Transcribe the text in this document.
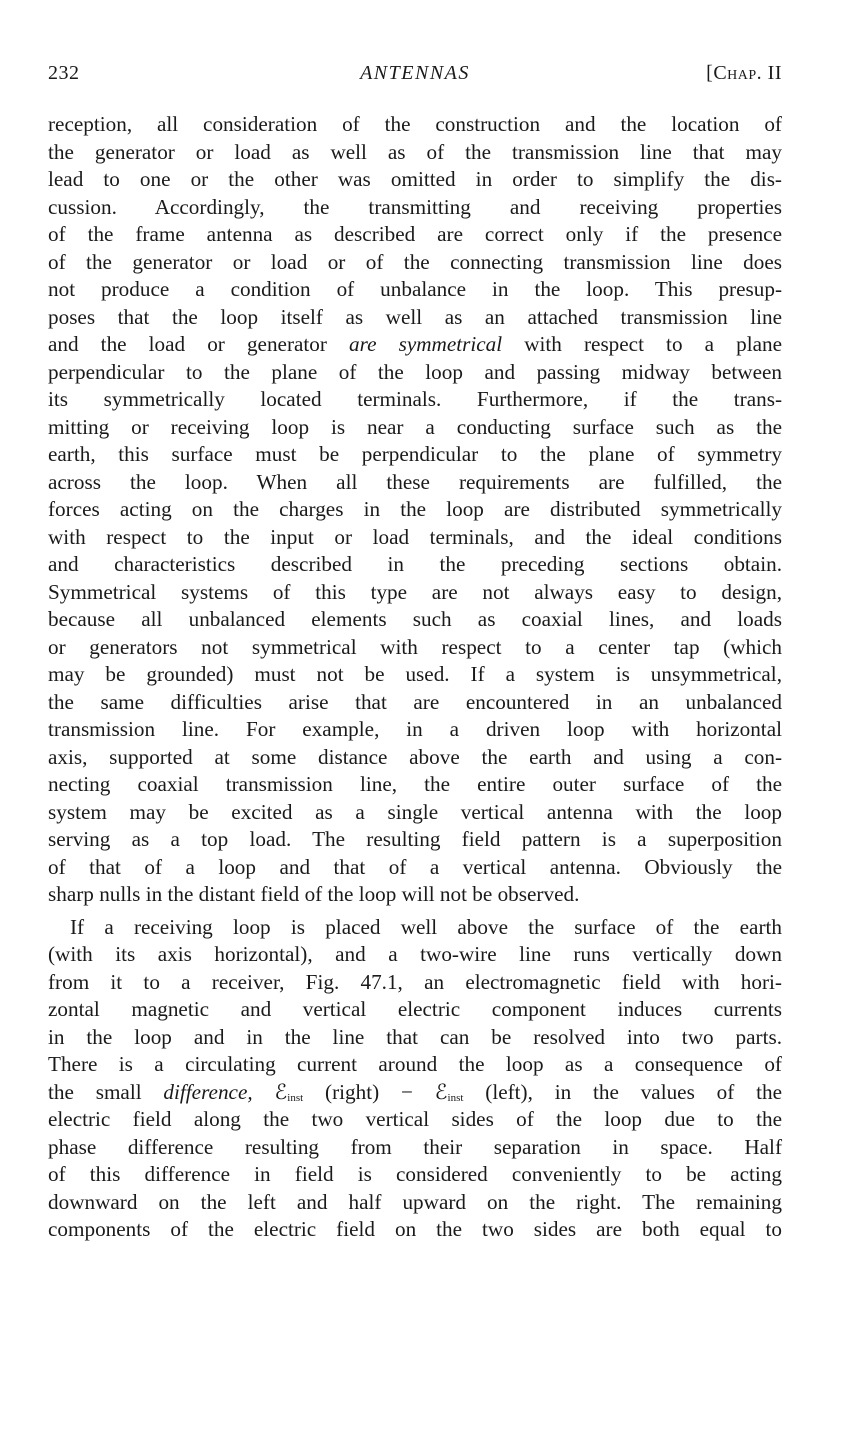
232	ANTENNAS	[Chap. II
reception, all consideration of the construction and the location of
the generator or load as well as of the transmission line that may
lead to one or the other was omitted in order to simplify the dis-
cussion. Accordingly, the transmitting and receiving properties
of the frame antenna as described are correct only if the presence
of the generator or load or of the connecting transmission line does
not produce a condition of unbalance in the loop. This presup-
poses that the loop itself as well as an attached transmission line
and the load or generator are symmetrical with respect to a plane
perpendicular to the plane of the loop and passing midway between
its symmetrically located terminals. Furthermore, if the trans-
mitting or receiving loop is near a conducting surface such as the
earth, this surface must be perpendicular to the plane of symmetry
across the loop. When all these requirements are fulfilled, the
forces acting on the charges in the loop are distributed symmetrically
with respect to the input or load terminals, and the ideal conditions
and characteristics described in the preceding sections obtain.
Symmetrical systems of this type are not always easy to design,
because all unbalanced elements such as coaxial lines, and loads
or generators not symmetrical with respect to a center tap (which
may be grounded) must not be used. If a system is unsymmetrical,
the same difficulties arise that are encountered in an unbalanced
transmission line. For example, in a driven loop with horizontal
axis, supported at some distance above the earth and using a con-
necting coaxial transmission line, the entire outer surface of the
system may be excited as a single vertical antenna with the loop
serving as a top load. The resulting field pattern is a superposition
of that of a loop and that of a vertical antenna. Obviously the
sharp nulls in the distant field of the loop will not be observed.
If a receiving loop is placed well above the surface of the earth
(with its axis horizontal), and a two-wire line runs vertically down
from it to a receiver, Fig. 47.1, an electromagnetic field with hori-
zontal magnetic and vertical electric component induces currents
in the loop and in the line that can be resolved into two parts.
There is a circulating current around the loop as a consequence of
the small difference, ℰinst (right) − ℰinst (left), in the values of the
electric field along the two vertical sides of the loop due to the
phase difference resulting from their separation in space. Half
of this difference in field is considered conveniently to be acting
downward on the left and half upward on the right. The remaining
components of the electric field on the two sides are both equal to
